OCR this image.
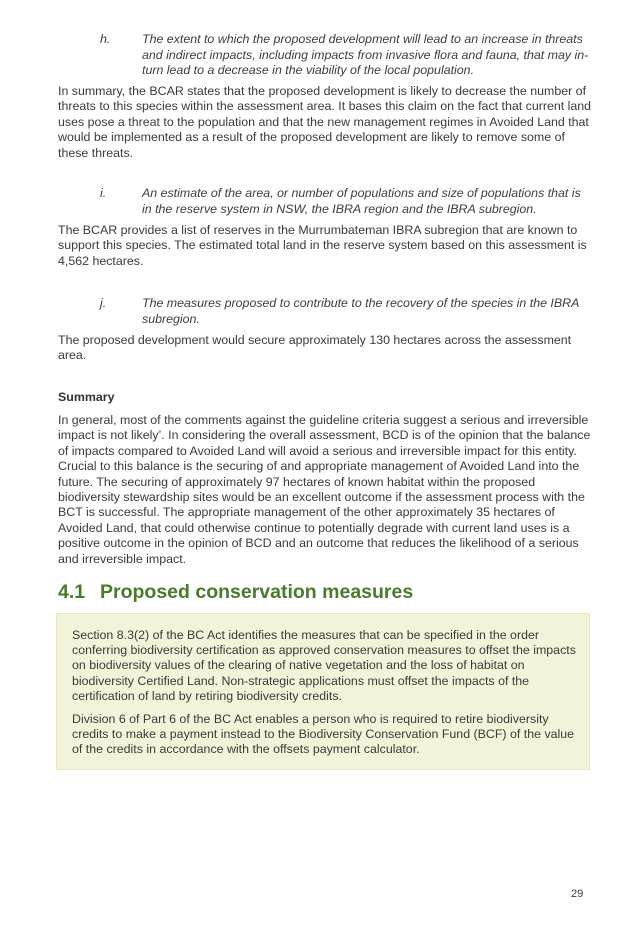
h.	The extent to which the proposed development will lead to an increase in threats and indirect impacts, including impacts from invasive flora and fauna, that may in-turn lead to a decrease in the viability of the local population.

In summary, the BCAR states that the proposed development is likely to decrease the number of threats to this species within the assessment area. It bases this claim on the fact that current land uses pose a threat to the population and that the new management regimes in Avoided Land that would be implemented as a result of the proposed development are likely to remove some of these threats.

i.	An estimate of the area, or number of populations and size of populations that is in the reserve system in NSW, the IBRA region and the IBRA subregion.

The BCAR provides a list of reserves in the Murrumbateman IBRA subregion that are known to support this species. The estimated total land in the reserve system based on this assessment is 4,562 hectares.

j.	The measures proposed to contribute to the recovery of the species in the IBRA subregion.

The proposed development would secure approximately 130 hectares across the assessment area.

Summary

In general, most of the comments against the guideline criteria suggest a serious and irreversible impact is not likely’. In considering the overall assessment, BCD is of the opinion that the balance of impacts compared to Avoided Land will avoid a serious and irreversible impact for this entity. Crucial to this balance is the securing of and appropriate management of Avoided Land into the future. The securing of approximately 97 hectares of known habitat within the proposed biodiversity stewardship sites would be an excellent outcome if the assessment process with the BCT is successful. The appropriate management of the other approximately 35 hectares of Avoided Land, that could otherwise continue to potentially degrade with current land uses is a positive outcome in the opinion of BCD and an outcome that reduces the likelihood of a serious and irreversible impact.

4.1 Proposed conservation measures

Section 8.3(2) of the BC Act identifies the measures that can be specified in the order conferring biodiversity certification as approved conservation measures to offset the impacts on biodiversity values of the clearing of native vegetation and the loss of habitat on biodiversity Certified Land. Non-strategic applications must offset the impacts of the certification of land by retiring biodiversity credits.

Division 6 of Part 6 of the BC Act enables a person who is required to retire biodiversity credits to make a payment instead to the Biodiversity Conservation Fund (BCF) of the value of the credits in accordance with the offsets payment calculator.

29
